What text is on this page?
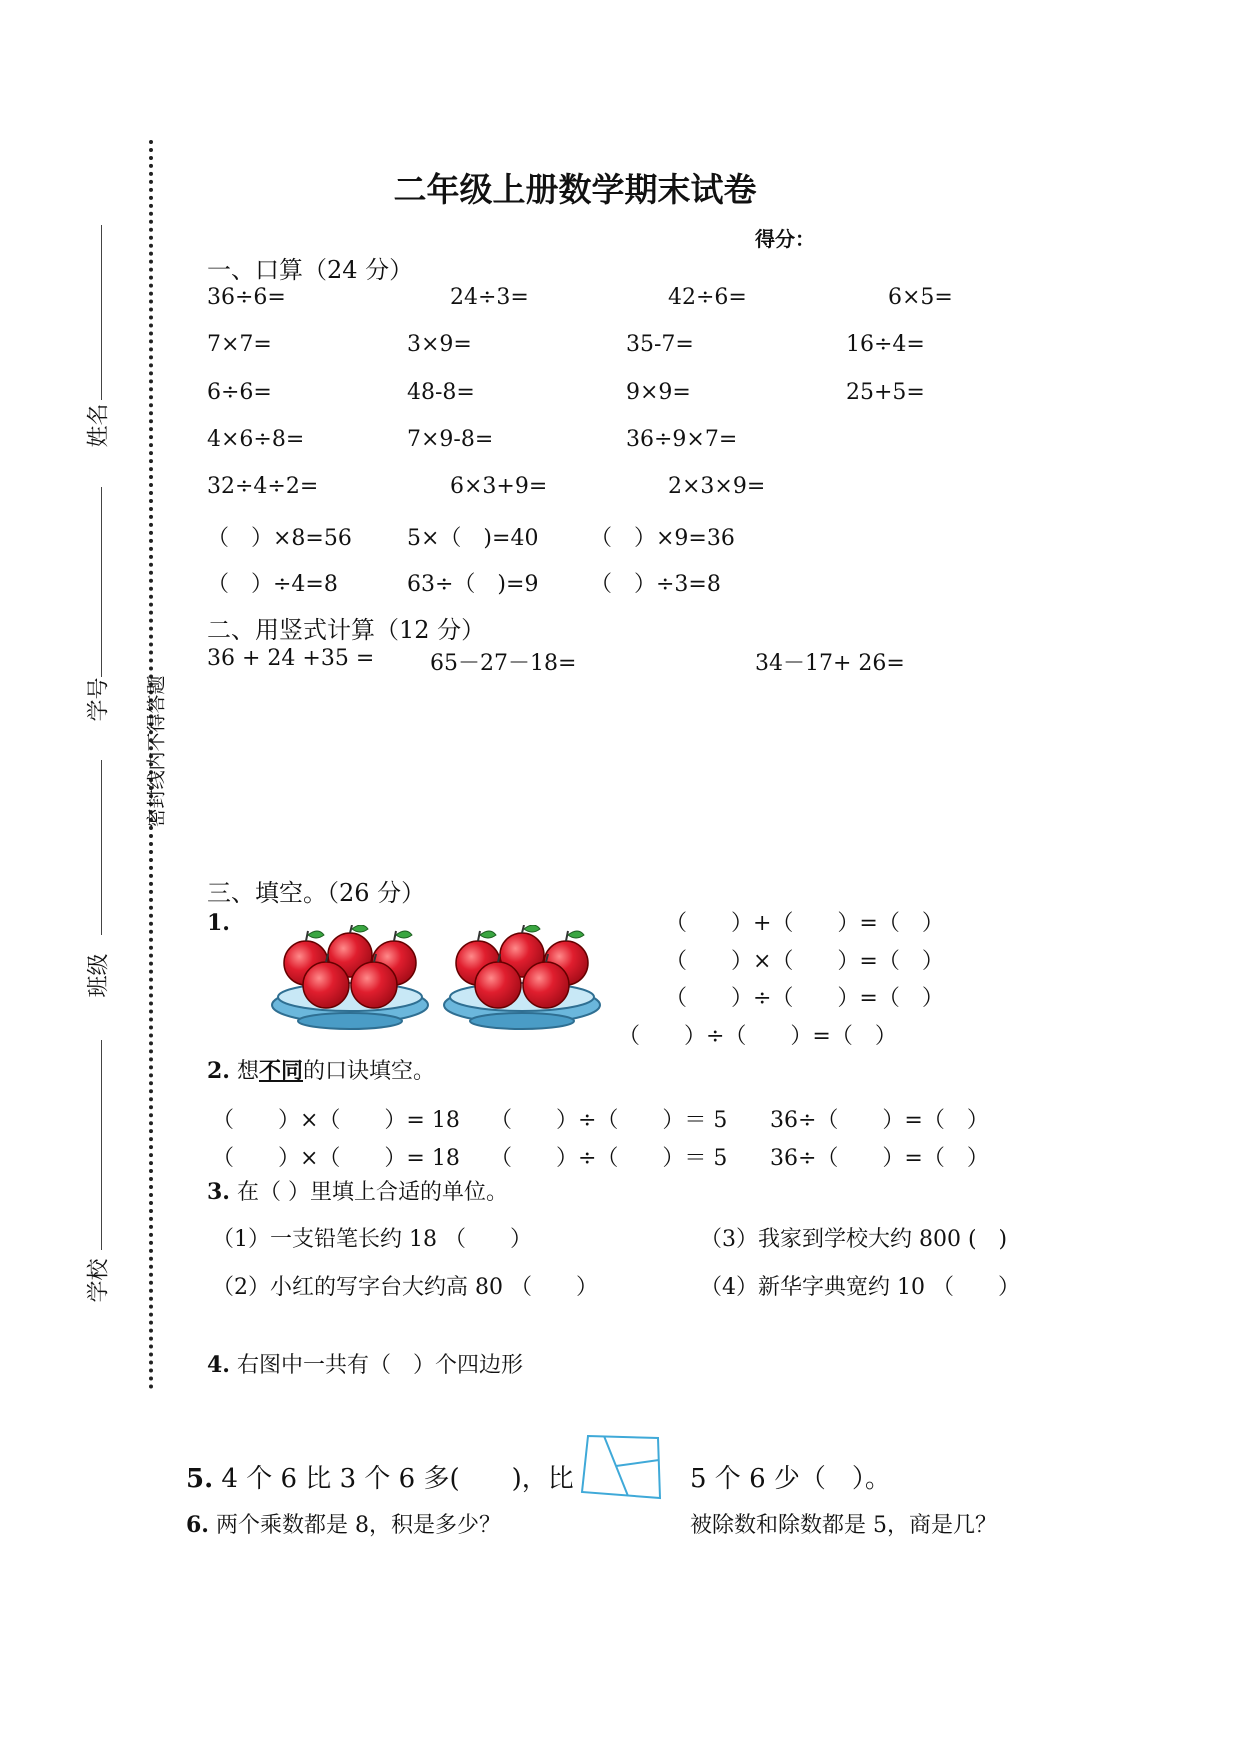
姓名
学号
班级
学校
密封线内不得答题
二年级上册数学期末试卷
得分：
一、口算（24 分）
36÷6=	24÷3=	42÷6=	6×5=
7×7=	3×9=	35-7=	16÷4=
6÷6=	48-8=	9×9=	25+5=
4×6÷8=	7×9-8=	36÷9×7=
32÷4÷2=	6×3+9=	2×3×9=
（　）×8=56	5×（　)=40 （　）×9=36
（　）÷4=8	63÷（　)=9 （　）÷3=8
二、用竖式计算（12 分）
36 + 24 +35 =	65－27－18=	34－17+ 26=
三、填空。（26 分）
1.	（　　）+（　　）=（　）
（　　）×（　　）=（　）
（　　）÷（　　）=（　）
（　　）÷（　　）=（　）
2. 想不同的口诀填空。
（　　）×（　　）= 18 （　　）÷（　　）＝ 5 36÷（　　）=（　）
（　　）×（　　）= 18 （　　）÷（　　）＝ 5 36÷（　　）=（　）
3. 在（ ）里填上合适的单位。
（1）一支铅笔长约 18 （　　）	（3）我家到学校大约 800 (　)
（2）小红的写字台大约高 80 （　　）	（4）新华字典宽约 10 （　　）
4. 右图中一共有（　）个四边形
5. 4 个 6 比 3 个 6 多(　　)，比	5 个 6 少（　）。
6. 两个乘数都是 8，积是多少？	被除数和除数都是 5，商是几？
